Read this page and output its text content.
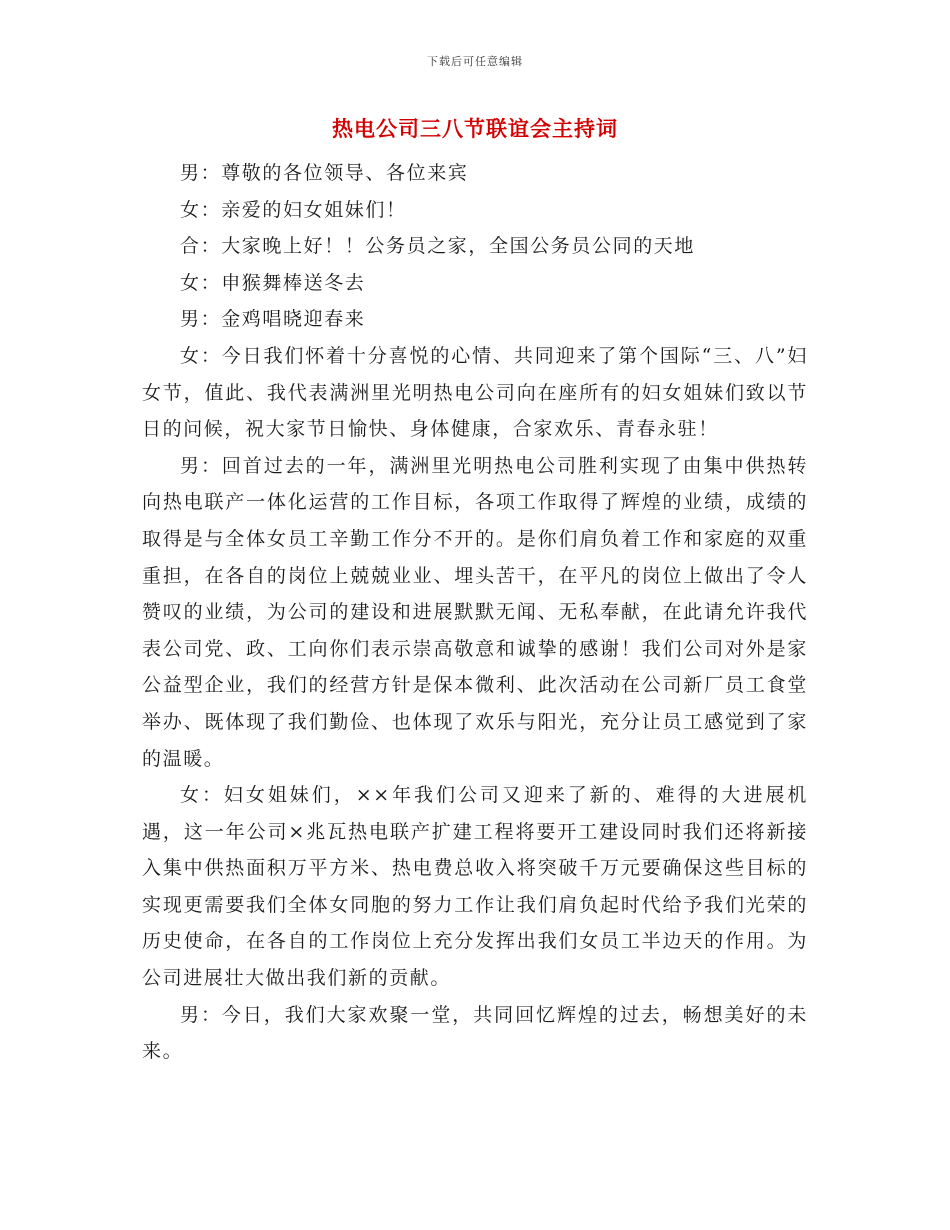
下载后可任意编辑
热电公司三八节联谊会主持词

男：尊敬的各位领导、各位来宾

女：亲爱的妇女姐妹们！

合：大家晚上好！！公务员之家，全国公务员公同的天地

女：申猴舞棒送冬去

男：金鸡唱晓迎春来

女：今日我们怀着十分喜悦的心情、共同迎来了第个国际“三、八”妇女节，值此、我代表满洲里光明热电公司向在座所有的妇女姐妹们致以节日的问候，祝大家节日愉快、身体健康，合家欢乐、青春永驻！

男：回首过去的一年，满洲里光明热电公司胜利实现了由集中供热转向热电联产一体化运营的工作目标，各项工作取得了辉煌的业绩，成绩的取得是与全体女员工辛勤工作分不开的。是你们肩负着工作和家庭的双重重担，在各自的岗位上兢兢业业、埋头苦干，在平凡的岗位上做出了令人赞叹的业绩，为公司的建设和进展默默无闻、无私奉献，在此请允许我代表公司党、政、工向你们表示崇高敬意和诚挚的感谢！我们公司对外是家公益型企业，我们的经营方针是保本微利、此次活动在公司新厂员工食堂举办、既体现了我们勤俭、也体现了欢乐与阳光，充分让员工感觉到了家的温暖。

女：妇女姐妹们，××年我们公司又迎来了新的、难得的大进展机遇，这一年公司×兆瓦热电联产扩建工程将要开工建设同时我们还将新接入集中供热面积万平方米、热电费总收入将突破千万元要确保这些目标的实现更需要我们全体女同胞的努力工作让我们肩负起时代给予我们光荣的历史使命，在各自的工作岗位上充分发挥出我们女员工半边天的作用。为公司进展壮大做出我们新的贡献。

男：今日，我们大家欢聚一堂，共同回忆辉煌的过去，畅想美好的未来。
